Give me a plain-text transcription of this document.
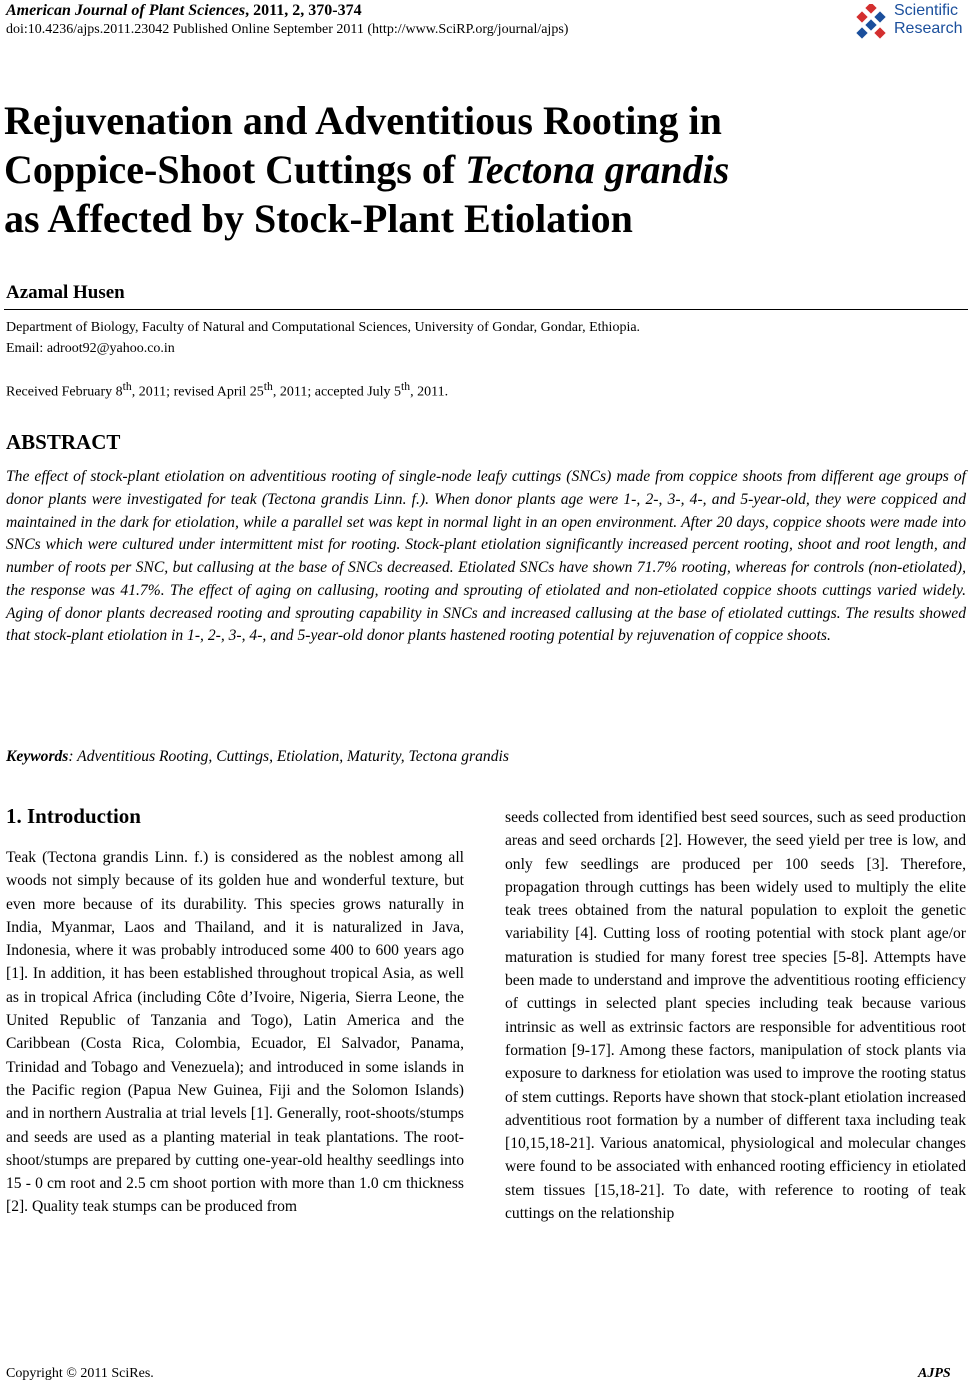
American Journal of Plant Sciences, 2011, 2, 370-374
doi:10.4236/ajps.2011.23042 Published Online September 2011 (http://www.SciRP.org/journal/ajps)
Scientific
Research
Rejuvenation and Adventitious Rooting in
Coppice-Shoot Cuttings of Tectona grandis
as Affected by Stock-Plant Etiolation
Azamal Husen
Department of Biology, Faculty of Natural and Computational Sciences, University of Gondar, Gondar, Ethiopia.
Email: adroot92@yahoo.co.in
Received February 8th, 2011; revised April 25th, 2011; accepted July 5th, 2011.
ABSTRACT

The effect of stock-plant etiolation on adventitious rooting of single-node leafy cuttings (SNCs) made from coppice shoots from different age groups of donor plants were investigated for teak (Tectona grandis Linn. f.). When donor plants age were 1-, 2-, 3-, 4-, and 5-year-old, they were coppiced and maintained in the dark for etiolation, while a parallel set was kept in normal light in an open environment. After 20 days, coppice shoots were made into SNCs which were cultured under intermittent mist for rooting. Stock-plant etiolation significantly increased percent rooting, shoot and root length, and number of roots per SNC, but callusing at the base of SNCs decreased. Etiolated SNCs have shown 71.7% rooting, whereas for controls (non-etiolated), the response was 41.7%. The effect of aging on callusing, rooting and sprouting of etiolated and non-etiolated coppice shoots cuttings varied widely. Aging of donor plants decreased rooting and sprouting capability in SNCs and increased callusing at the base of etiolated cuttings. The results showed that stock-plant etiolation in 1-, 2-, 3-, 4-, and 5-year-old donor plants hastened rooting potential by rejuvenation of coppice shoots.

Keywords: Adventitious Rooting, Cuttings, Etiolation, Maturity, Tectona grandis
1. Introduction

Teak (Tectona grandis Linn. f.) is considered as the noblest among all woods not simply because of its golden hue and wonderful texture, but even more because of its durability. This species grows naturally in India, Myanmar, Laos and Thailand, and it is naturalized in Java, Indonesia, where it was probably introduced some 400 to 600 years ago [1]. In addition, it has been established throughout tropical Asia, as well as in tropical Africa (including Côte d’Ivoire, Nigeria, Sierra Leone, the United Republic of Tanzania and Togo), Latin America and the Caribbean (Costa Rica, Colombia, Ecuador, El Salvador, Panama, Trinidad and Tobago and Venezuela); and introduced in some islands in the Pacific region (Papua New Guinea, Fiji and the Solomon Islands) and in northern Australia at trial levels [1]. Generally, root-shoots/stumps and seeds are used as a planting material in teak plantations. The root-shoot/stumps are prepared by cutting one-year-old healthy seedlings into 15 - 0 cm root and 2.5 cm shoot portion with more than 1.0 cm thickness [2]. Quality teak stumps can be produced from

seeds collected from identified best seed sources, such as seed production areas and seed orchards [2]. However, the seed yield per tree is low, and only few seedlings are produced per 100 seeds [3]. Therefore, propagation through cuttings has been widely used to multiply the elite teak trees obtained from the natural population to exploit the genetic variability [4]. Cutting loss of rooting potential with stock plant age/or maturation is studied for many forest tree species [5-8]. Attempts have been made to understand and improve the adventitious rooting efficiency of cuttings in selected plant species including teak because various intrinsic as well as extrinsic factors are responsible for adventitious root formation [9-17]. Among these factors, manipulation of stock plants via exposure to darkness for etiolation was used to improve the rooting status of stem cuttings. Reports have shown that stock-plant etiolation increased adventitious root formation by a number of different taxa including teak [10,15,18-21]. Various anatomical, physiological and molecular changes were found to be associated with enhanced rooting efficiency in etiolated stem tissues [15,18-21]. To date, with reference to rooting of teak cuttings on the relationship

Copyright © 2011 SciRes.	AJPS
